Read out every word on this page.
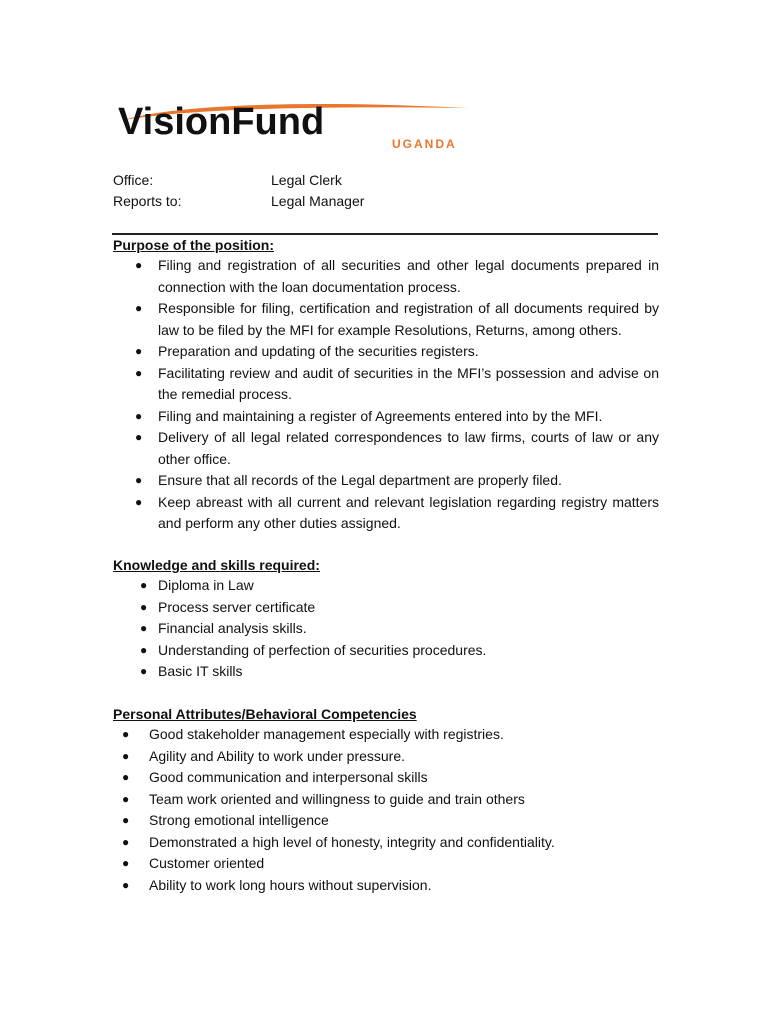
VisionFund
UGANDA
Office:	Legal Clerk
Reports to:	Legal Manager
Purpose of the position:
● Filing and registration of all securities and other legal documents prepared in connection with the loan documentation process.
● Responsible for filing, certification and registration of all documents required by law to be filed by the MFI for example Resolutions, Returns, among others.
● Preparation and updating of the securities registers.
● Facilitating review and audit of securities in the MFI’s possession and advise on the remedial process.
● Filing and maintaining a register of Agreements entered into by the MFI.
● Delivery of all legal related correspondences to law firms, courts of law or any other office.
● Ensure that all records of the Legal department are properly filed.
● Keep abreast with all current and relevant legislation regarding registry matters and perform any other duties assigned.
Knowledge and skills required:
● Diploma in Law
● Process server certificate
● Financial analysis skills.
● Understanding of perfection of securities procedures.
● Basic IT skills
Personal Attributes/Behavioral Competencies
● Good stakeholder management especially with registries.
● Agility and Ability to work under pressure.
● Good communication and interpersonal skills
● Team work oriented and willingness to guide and train others
● Strong emotional intelligence
● Demonstrated a high level of honesty, integrity and confidentiality.
● Customer oriented
● Ability to work long hours without supervision.
